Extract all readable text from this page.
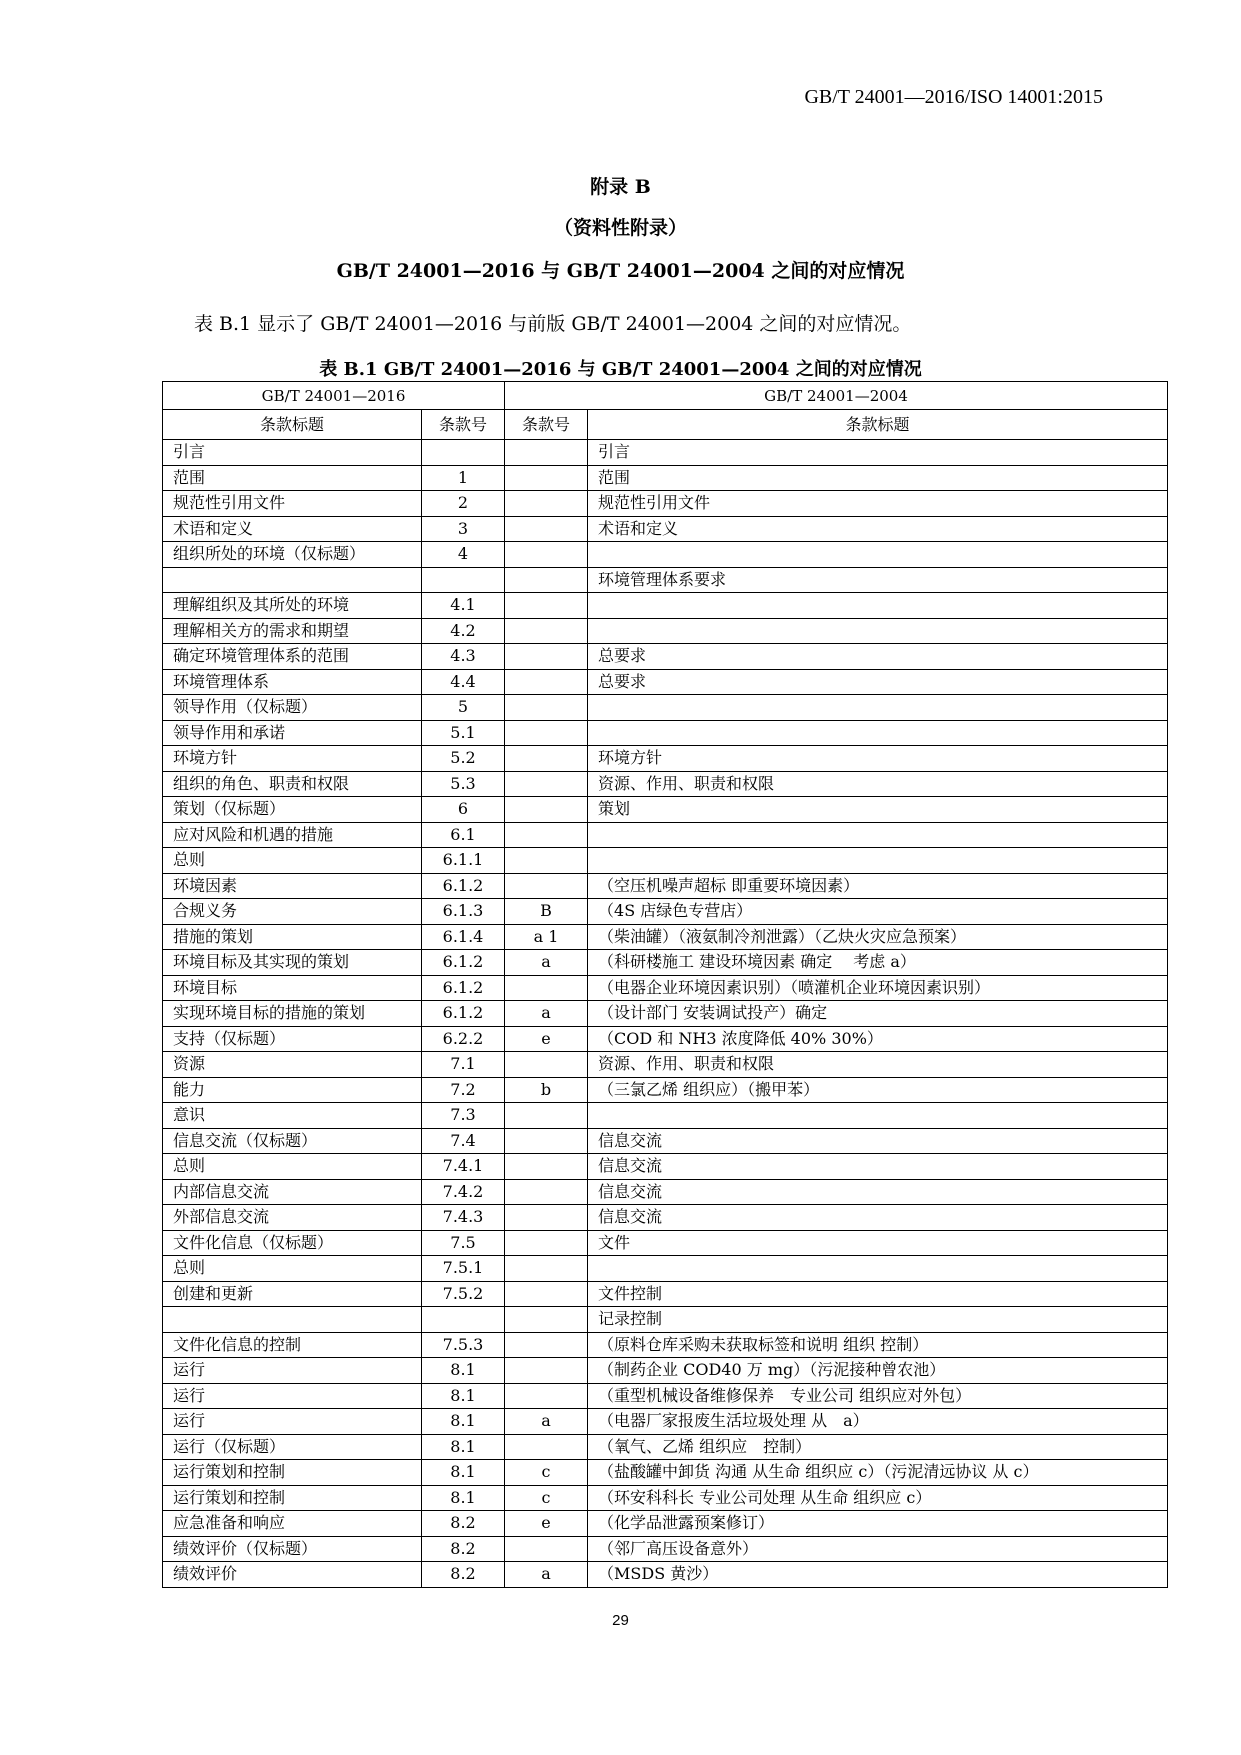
GB/T 24001—2016/ISO 14001:2015
附录 B
（资料性附录）
GB/T 24001—2016 与 GB/T 24001—2004 之间的对应情况
表 B.1 显示了 GB/T 24001—2016 与前版 GB/T 24001—2004 之间的对应情况。
表 B.1 GB/T 24001—2016 与 GB/T 24001—2004 之间的对应情况
GB/T 24001—2016		GB/T 24001—2004	
条款标题	条款号	条款号	条款标题
引言			引言
范围	1		范围
规范性引用文件	2		规范性引用文件
术语和定义	3		术语和定义
组织所处的环境（仅标题）	4		
			环境管理体系要求
理解组织及其所处的环境	4.1		
理解相关方的需求和期望	4.2		
确定环境管理体系的范围	4.3		总要求
环境管理体系	4.4		总要求
领导作用（仅标题）	5		
领导作用和承诺	5.1		
环境方针	5.2		环境方针
组织的角色、职责和权限	5.3		资源、作用、职责和权限
策划（仅标题）	6		策划
应对风险和机遇的措施	6.1		
总则	6.1.1		
环境因素	6.1.2		（空压机噪声超标 即重要环境因素）
合规义务	6.1.3	B	（4S 店绿色专营店）
措施的策划	6.1.4	a 1	（柴油罐）（液氨制冷剂泄露）（乙炔火灾应急预案）
环境目标及其实现的策划	6.1.2	a	（科研楼施工 建设环境因素 确定　 考虑 a）
环境目标	6.1.2		（电器企业环境因素识别）（喷灌机企业环境因素识别）
实现环境目标的措施的策划	6.1.2	a	（设计部门 安装调试投产）确定
支持（仅标题）	6.2.2	e	（COD 和 NH3 浓度降低 40% 30%）
资源	7.1		资源、作用、职责和权限
能力	7.2	b	（三氯乙烯 组织应）（搬甲苯）
意识	7.3		
信息交流（仅标题）	7.4		信息交流
总则	7.4.1		信息交流
内部信息交流	7.4.2		信息交流
外部信息交流	7.4.3		信息交流
文件化信息（仅标题）	7.5		文件
总则	7.5.1		
创建和更新	7.5.2		文件控制
			记录控制
文件化信息的控制	7.5.3		（原料仓库采购未获取标签和说明 组织 控制）
运行	8.1		（制药企业 COD40 万 mg）（污泥接种曾农池）
运行	8.1		（重型机械设备维修保养　专业公司 组织应对外包）
运行	8.1	a	（电器厂家报废生活垃圾处理 从　a）
运行（仅标题）	8.1		（氧气、乙烯 组织应　控制）
运行策划和控制	8.1	c	（盐酸罐中卸货 沟通 从生命 组织应 c）（污泥清远协议 从 c）
运行策划和控制	8.1	c	（环安科科长 专业公司处理 从生命 组织应 c）
应急准备和响应	8.2	e	（化学品泄露预案修订）
绩效评价（仅标题）	8.2		（邻厂高压设备意外）
绩效评价	8.2	a	（MSDS 黄沙）
29
